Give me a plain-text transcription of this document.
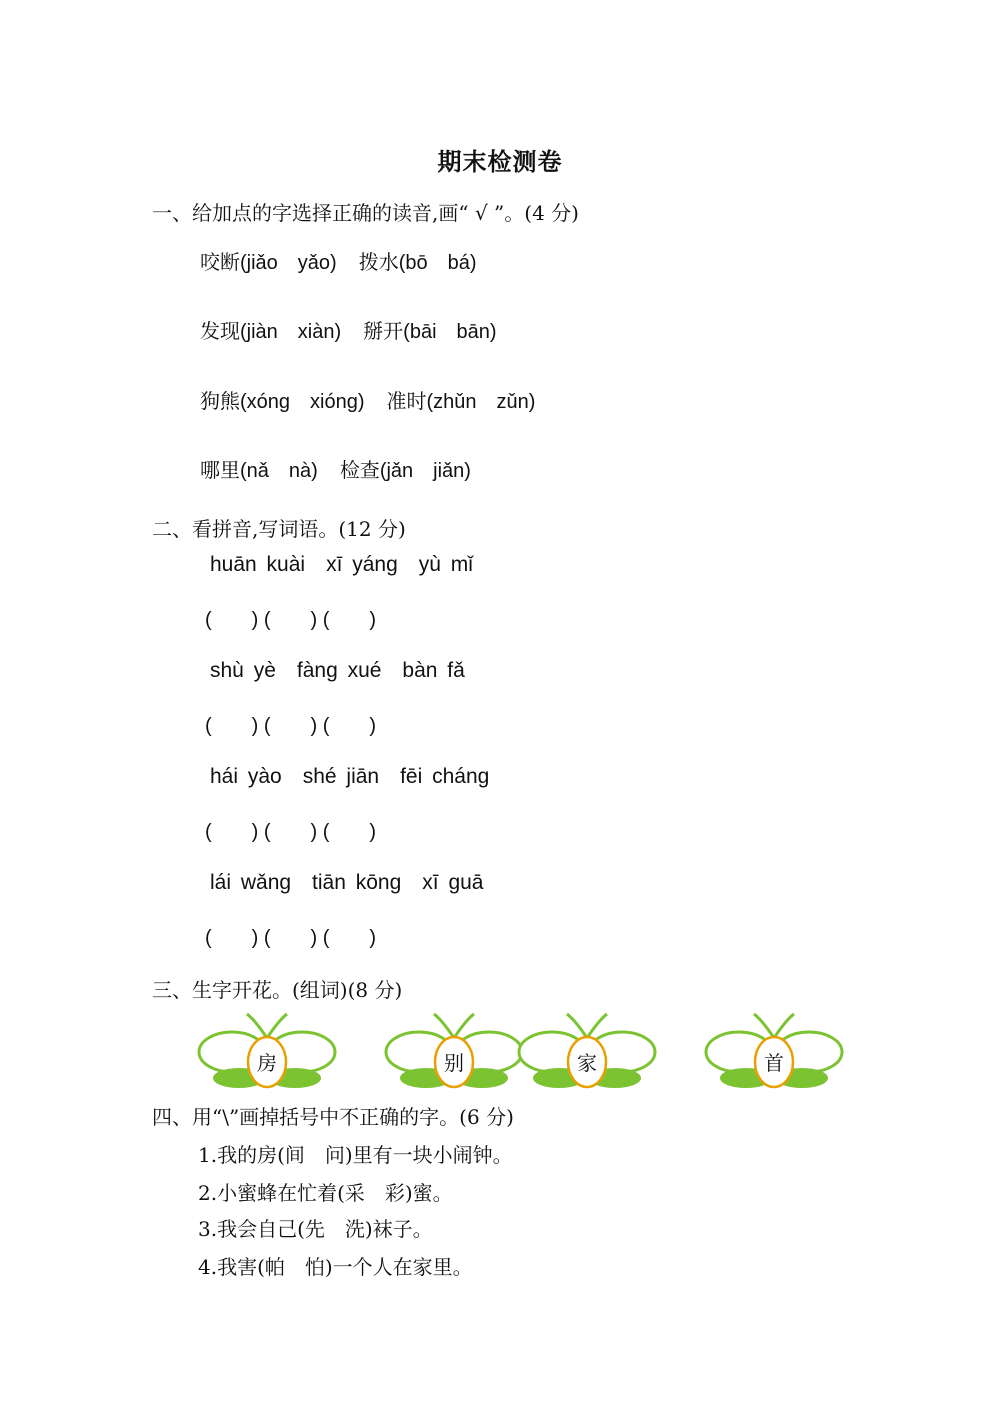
期末检测卷
一、给加点的字选择正确的读音,画“ √ ”。(4 分)
咬断(jiǎo　yǎo) 拨水(bō　bá)
发现(jiàn　xiàn) 掰开(bāi　bān)
狗熊(xóng　xióng) 准时(zhǔn　zǔn)
哪里(nǎ　nà) 检查(jǎn　jiǎn)
二、看拼音,写词语。(12 分)
huān kuài　xī yáng　yù mǐ
(　　) (　　) (　　)
shù yè　fàng xué　bàn fǎ
(　　) (　　) (　　)
hái yào　shé jiān　fēi cháng
(　　) (　　) (　　)
lái wǎng　tiān kōng　xī guā
(　　) (　　) (　　)
三、生字开花。(组词)(8 分)
房	别	家	首
四、用“\”画掉括号中不正确的字。(6 分)
1.我的房(间　问)里有一块小闹钟。
2.小蜜蜂在忙着(采　彩)蜜。
3.我会自己(先　洗)袜子。
4.我害(帕　怕)一个人在家里。
